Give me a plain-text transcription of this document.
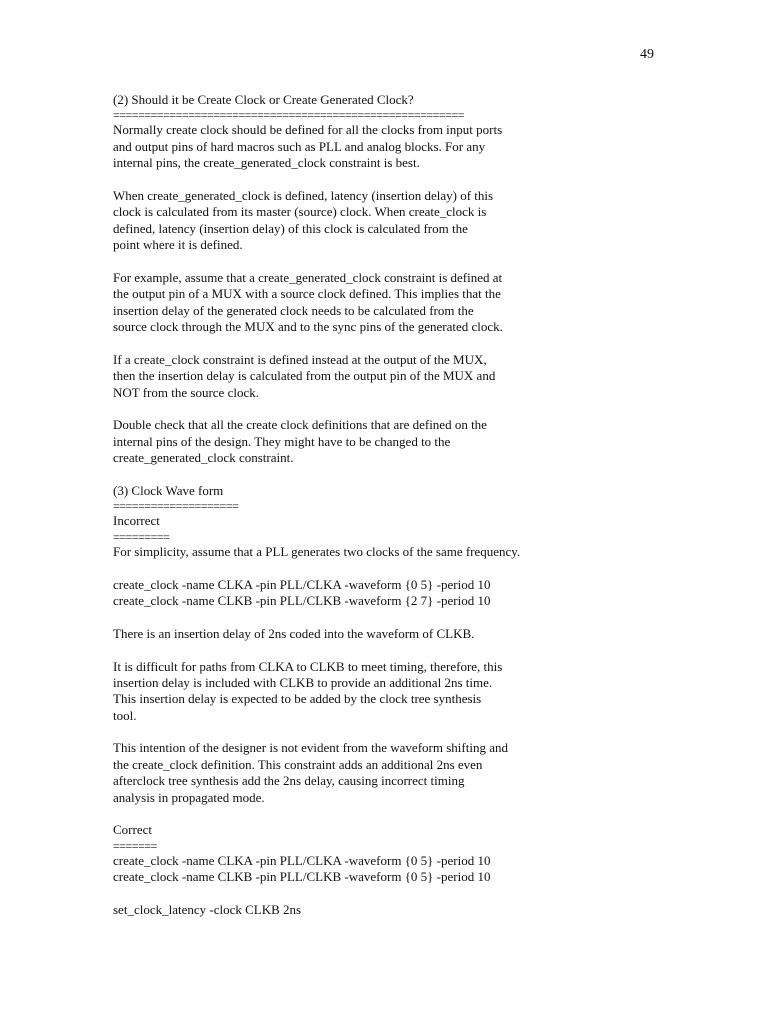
49
(2) Should it be Create Clock or Create Generated Clock?
========================================================
Normally create clock should be defined for all the clocks from input ports
and output pins of hard macros such as PLL and analog blocks. For any
internal pins, the create_generated_clock constraint is best.
When create_generated_clock is defined, latency (insertion delay) of this
clock is calculated from its master (source) clock. When create_clock is
defined, latency (insertion delay) of this clock is calculated from the
point where it is defined.
For example, assume that a create_generated_clock constraint is defined at
the output pin of a MUX with a source clock defined. This implies that the
insertion delay of the generated clock needs to be calculated from the
source clock through the MUX and to the sync pins of the generated clock.
If a create_clock constraint is defined instead at the output of the MUX,
then the insertion delay is calculated from the output pin of the MUX and
NOT from the source clock.
Double check that all the create clock definitions that are defined on the
internal pins of the design. They might have to be changed to the
create_generated_clock constraint.
(3) Clock Wave form
====================
Incorrect
=========
For simplicity, assume that a PLL generates two clocks of the same frequency.
create_clock -name CLKA -pin PLL/CLKA -waveform {0 5} -period 10
create_clock -name CLKB -pin PLL/CLKB -waveform {2 7} -period 10
There is an insertion delay of 2ns coded into the waveform of CLKB.
It is difficult for paths from CLKA to CLKB to meet timing, therefore, this
insertion delay is included with CLKB to provide an additional 2ns time.
This insertion delay is expected to be added by the clock tree synthesis
tool.
This intention of the designer is not evident from the waveform shifting and
the create_clock definition. This constraint adds an additional 2ns even
afterclock tree synthesis add the 2ns delay, causing incorrect timing
analysis in propagated mode.
Correct
=======
create_clock -name CLKA -pin PLL/CLKA -waveform {0 5} -period 10
create_clock -name CLKB -pin PLL/CLKB -waveform {0 5} -period 10
set_clock_latency -clock CLKB 2ns
